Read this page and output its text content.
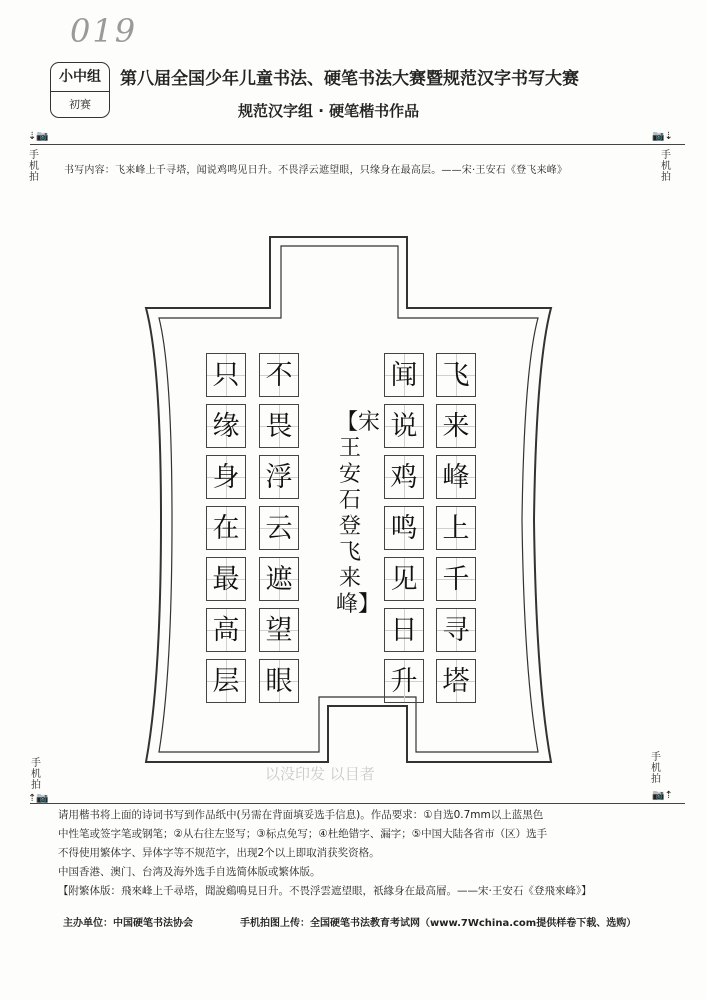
019
小中组
初赛
第八届全国少年儿童书法、硬笔书法大赛暨规范汉字书写大赛
规范汉字组 · 硬笔楷书作品
⇣📷	📷⇣
手机拍
手机拍
书写内容：飞来峰上千寻塔，闻说鸡鸣见日升。不畏浮云遮望眼，只缘身在最高层。——宋·王安石《登飞来峰》
飞
来
峰
上
千
寻
塔
闻
说
鸡
鸣
见
日
升
不
畏
浮
云
遮
望
眼
只
缘
身
在
最
高
层
【宋 王安石 登飞来峰】
以没印发 以目者
手机拍
手机拍
⇡📷	📷⇡
请用楷书将上面的诗词书写到作品纸中(另需在背面填妥选手信息)。作品要求：①自选0.7mm以上蓝黑色
中性笔或签字笔或钢笔；②从右往左竖写；③标点免写；④杜绝错字、漏字；⑤中国大陆各省市（区）选手
不得使用繁体字、异体字等不规范字，出现2个以上即取消获奖资格。
中国香港、澳门、台湾及海外选手自选简体版或繁体版。
【附繁体版：飛來峰上千尋塔，聞說鷄鳴見日升。不畏浮雲遮望眼，祇緣身在最高層。——宋·王安石《登飛來峰》】
主办单位：中国硬笔书法协会	手机拍图上传：全国硬笔书法教育考试网（www.7Wchina.com提供样卷下载、选购）
